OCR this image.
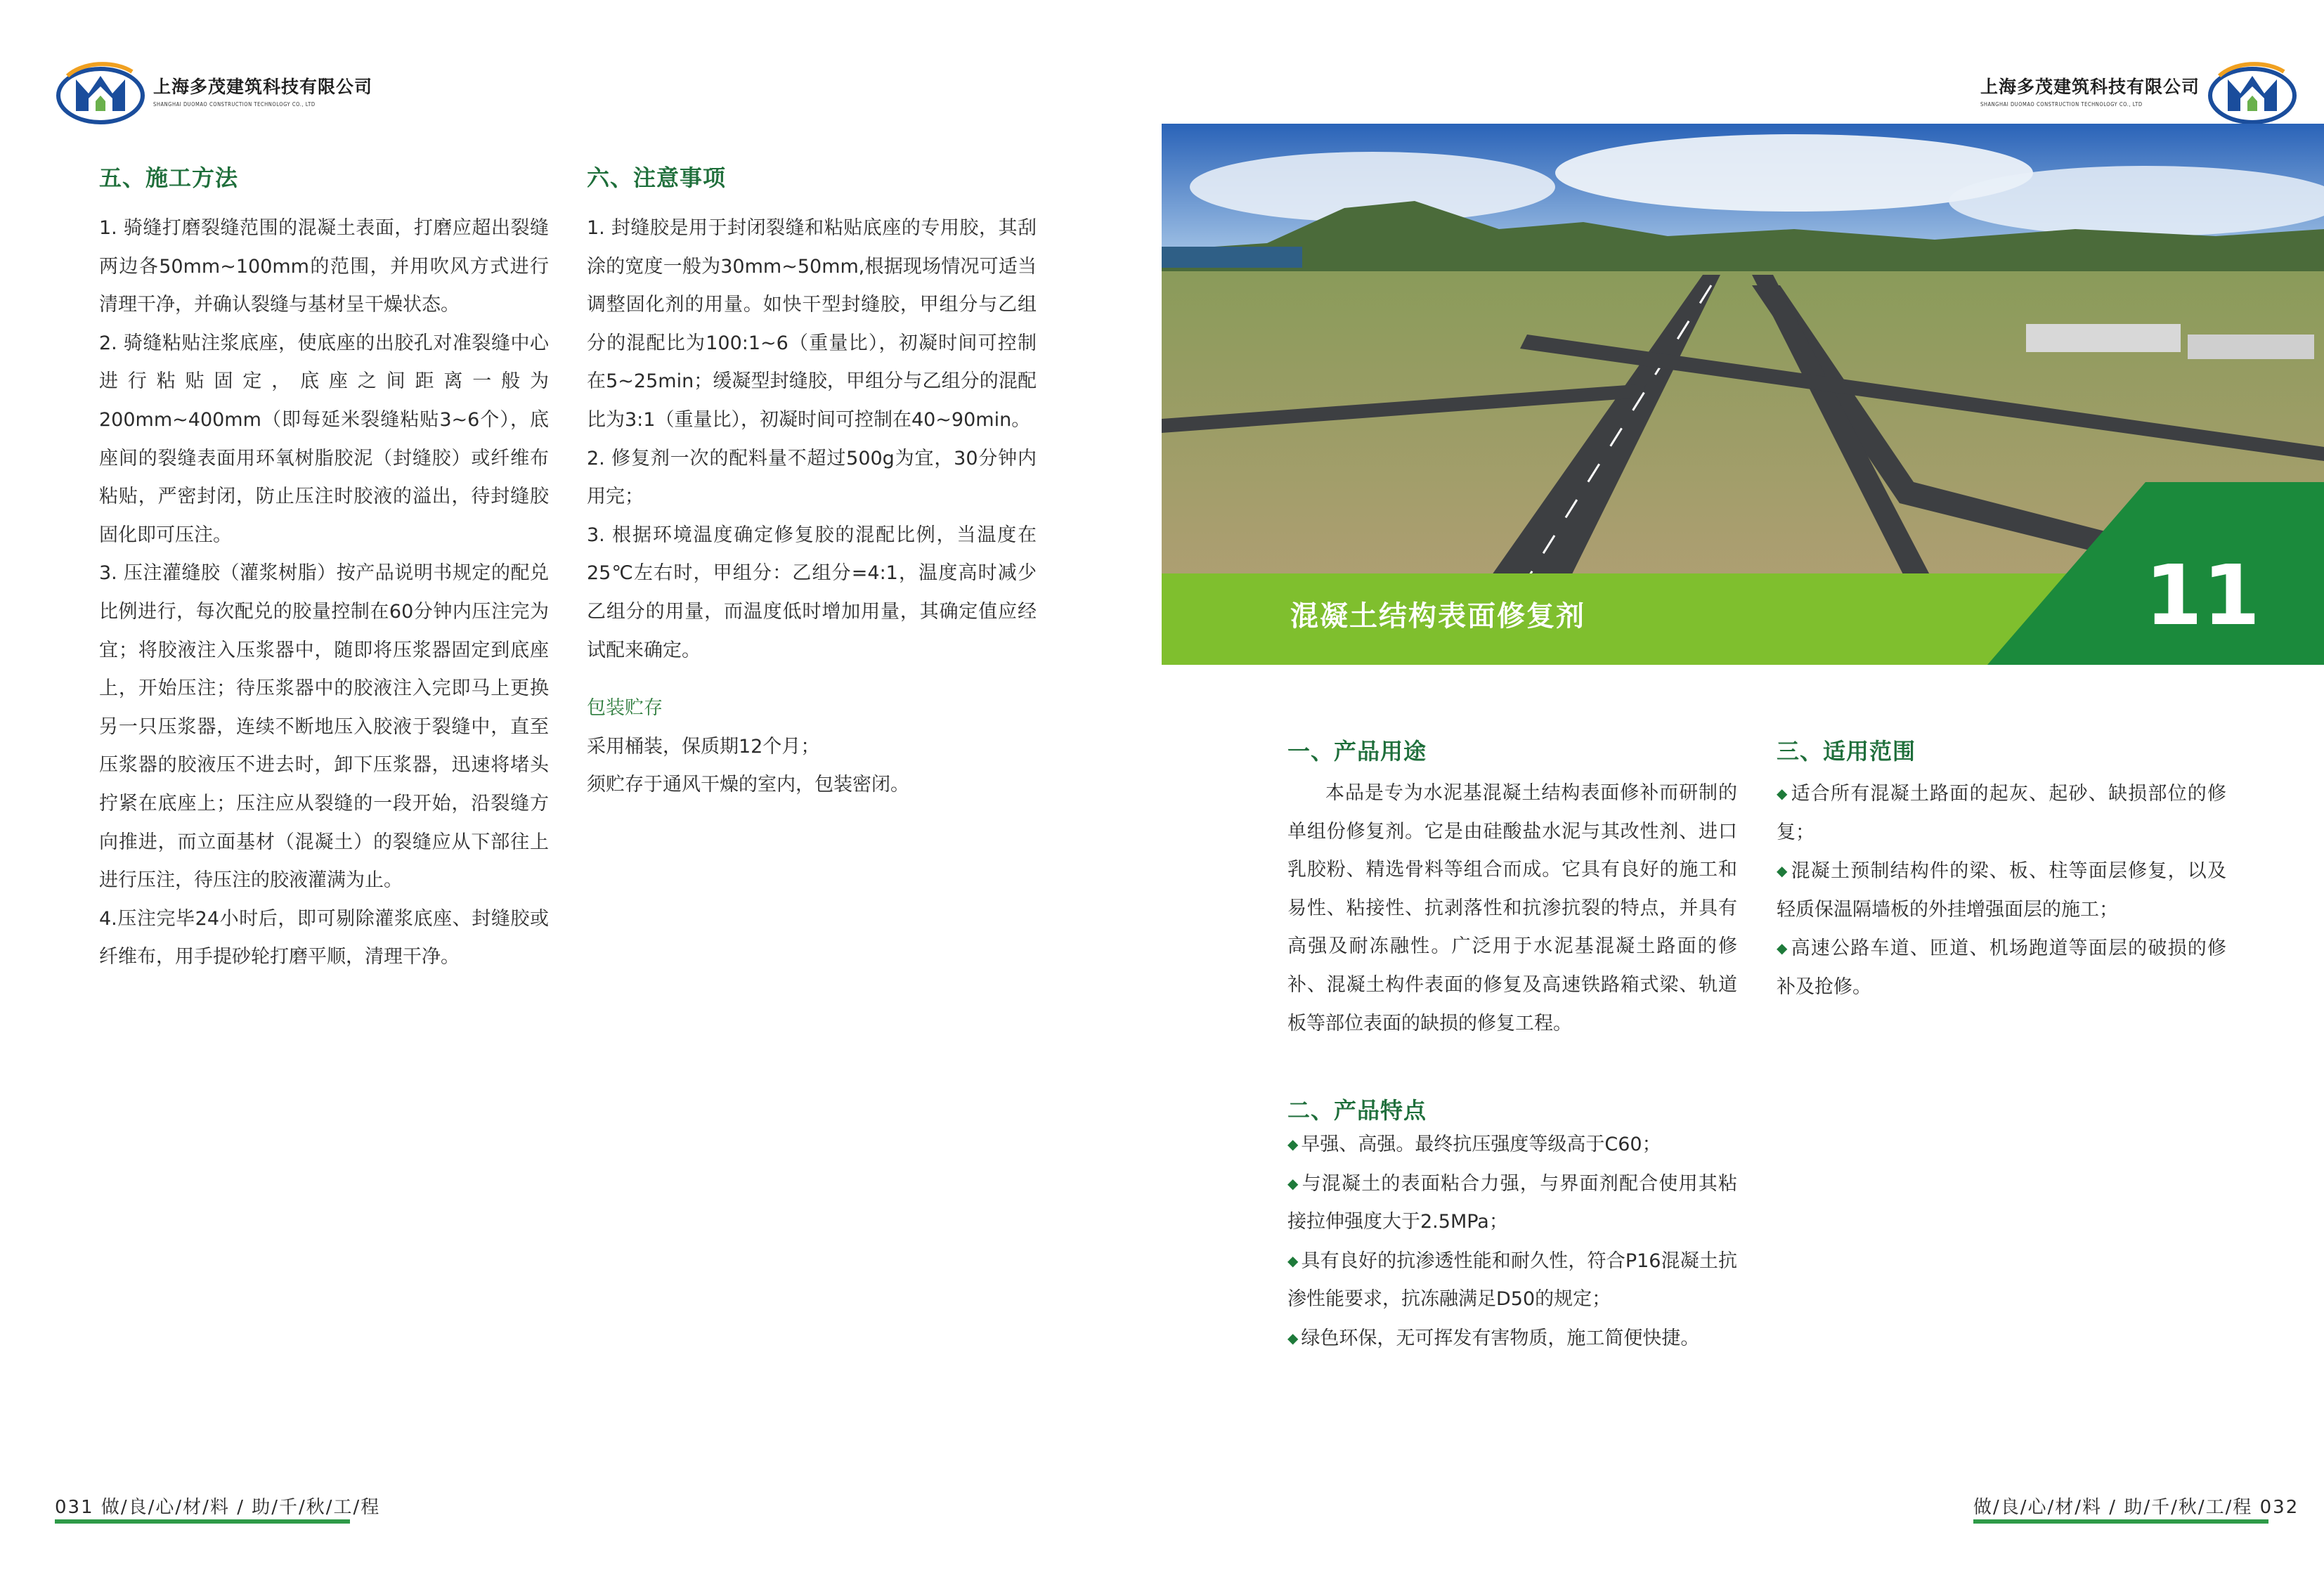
上海多茂建筑科技有限公司
SHANGHAI DUOMAO CONSTRUCTION TECHNOLOGY CO., LTD
五、施工方法

1. 骑缝打磨裂缝范围的混凝土表面，打磨应超出裂缝两边各50mm~100mm的范围，并用吹风方式进行清理干净，并确认裂缝与基材呈干燥状态。

2. 骑缝粘贴注浆底座，使底座的出胶孔对准裂缝中心进行粘贴固定，底座之间距离一般为200mm~400mm（即每延米裂缝粘贴3~6个），底座间的裂缝表面用环氧树脂胶泥（封缝胶）或纤维布粘贴，严密封闭，防止压注时胶液的溢出，待封缝胶固化即可压注。

3. 压注灌缝胶（灌浆树脂）按产品说明书规定的配兑比例进行，每次配兑的胶量控制在60分钟内压注完为宜；将胶液注入压浆器中，随即将压浆器固定到底座上，开始压注；待压浆器中的胶液注入完即马上更换另一只压浆器，连续不断地压入胶液于裂缝中，直至压浆器的胶液压不进去时，卸下压浆器，迅速将堵头拧紧在底座上；压注应从裂缝的一段开始，沿裂缝方向推进，而立面基材（混凝土）的裂缝应从下部往上进行压注，待压注的胶液灌满为止。

4.压注完毕24小时后，即可剔除灌浆底座、封缝胶或纤维布，用手提砂轮打磨平顺，清理干净。

六、注意事项

1. 封缝胶是用于封闭裂缝和粘贴底座的专用胶，其刮涂的宽度一般为30mm~50mm,根据现场情况可适当调整固化剂的用量。如快干型封缝胶，甲组分与乙组分的混配比为100:1~6（重量比），初凝时间可控制在5~25min；缓凝型封缝胶，甲组分与乙组分的混配比为3:1（重量比），初凝时间可控制在40~90min。

2. 修复剂一次的配料量不超过500g为宜，30分钟内用完；

3. 根据环境温度确定修复胶的混配比例，当温度在25℃左右时，甲组分：乙组分=4:1，温度高时减少乙组分的用量，而温度低时增加用量，其确定值应经试配来确定。

包装贮存

采用桶装，保质期12个月；

须贮存于通风干燥的室内，包装密闭。

031 做/良/心/材/料 / 助/千/秋/工/程
上海多茂建筑科技有限公司
SHANGHAI DUOMAO CONSTRUCTION TECHNOLOGY CO., LTD
混凝土结构表面修复剂	11
一、产品用途

本品是专为水泥基混凝土结构表面修补而研制的单组份修复剂。它是由硅酸盐水泥与其改性剂、进口乳胶粉、精选骨料等组合而成。它具有良好的施工和易性、粘接性、抗剥落性和抗渗抗裂的特点，并具有高强及耐冻融性。广泛用于水泥基混凝土路面的修补、混凝土构件表面的修复及高速铁路箱式梁、轨道板等部位表面的缺损的修复工程。

二、产品特点

◆ 早强、高强。最终抗压强度等级高于C60；

◆ 与混凝土的表面粘合力强，与界面剂配合使用其粘接拉伸强度大于2.5MPa；

◆ 具有良好的抗渗透性能和耐久性，符合P16混凝土抗渗性能要求，抗冻融满足D50的规定；

◆ 绿色环保，无可挥发有害物质，施工简便快捷。

三、适用范围

◆ 适合所有混凝土路面的起灰、起砂、缺损部位的修复；

◆ 混凝土预制结构件的梁、板、柱等面层修复，以及轻质保温隔墙板的外挂增强面层的施工；

◆ 高速公路车道、匝道、机场跑道等面层的破损的修补及抢修。

做/良/心/材/料 / 助/千/秋/工/程 032
